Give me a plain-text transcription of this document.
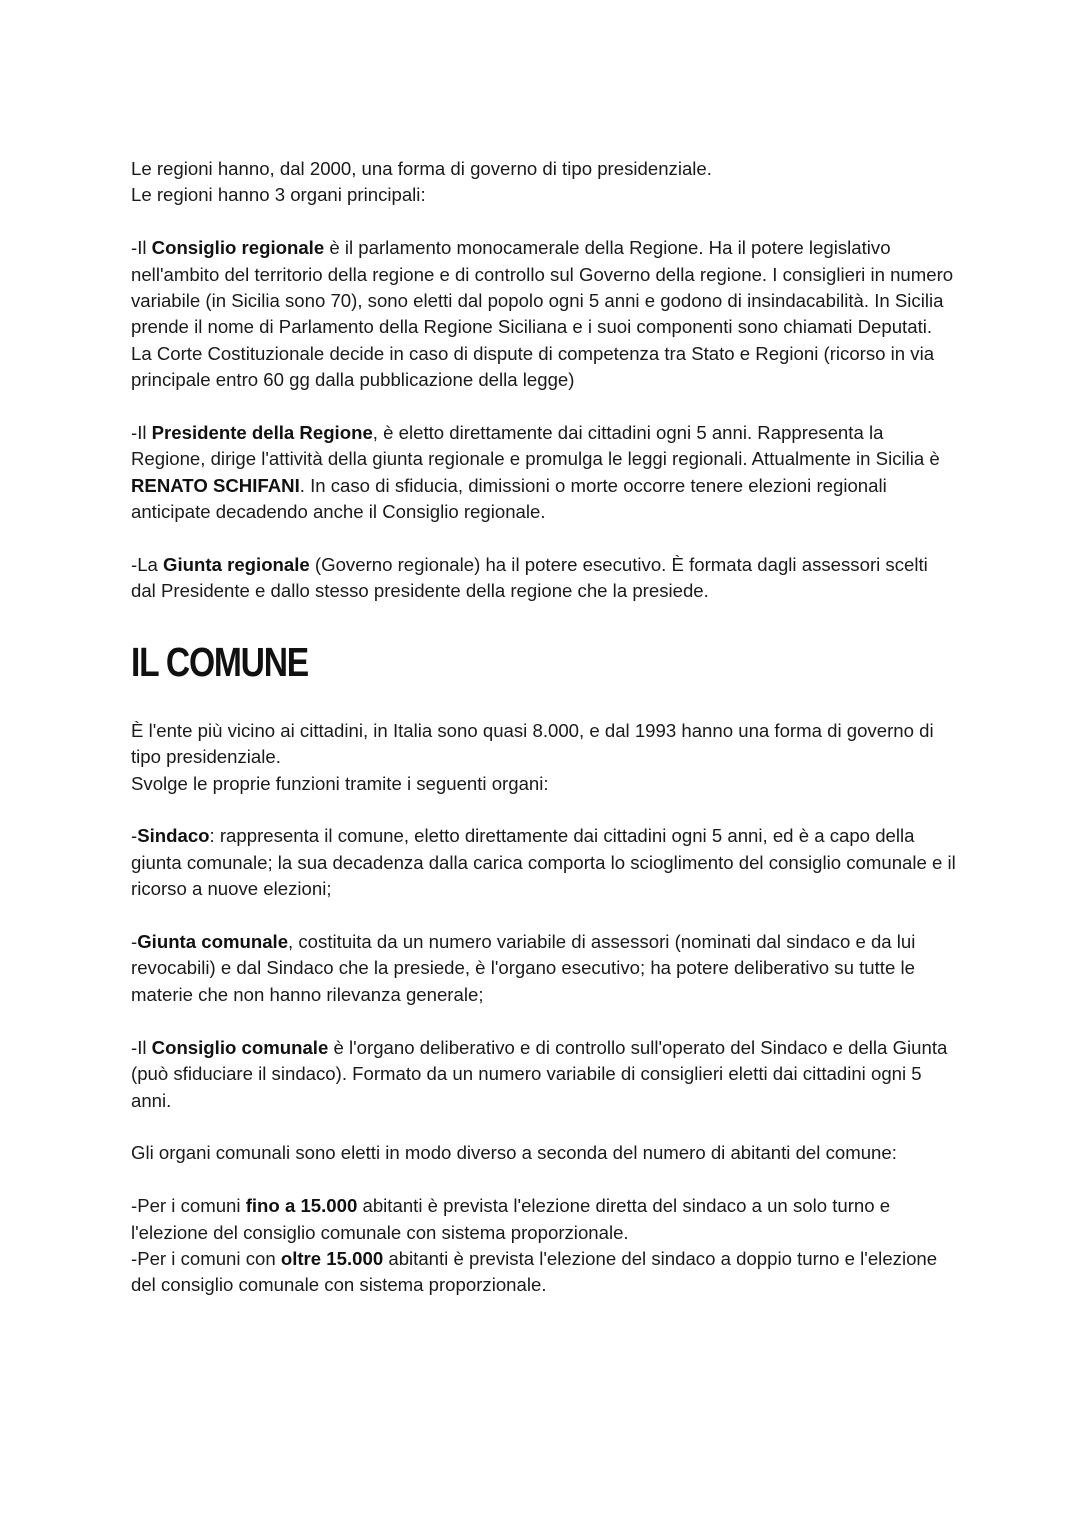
Le regioni hanno, dal 2000, una forma di governo di tipo presidenziale.

Le regioni hanno 3 organi principali:

-Il Consiglio regionale è il parlamento monocamerale della Regione. Ha il potere legislativo nell'ambito del territorio della regione e di controllo sul Governo della regione. I consiglieri in numero variabile (in Sicilia sono 70), sono eletti dal popolo ogni 5 anni e godono di insindacabilità. In Sicilia prende il nome di Parlamento della Regione Siciliana e i suoi componenti sono chiamati Deputati. La Corte Costituzionale decide in caso di dispute di competenza tra Stato e Regioni (ricorso in via principale entro 60 gg dalla pubblicazione della legge)

-Il Presidente della Regione, è eletto direttamente dai cittadini ogni 5 anni. Rappresenta la Regione, dirige l'attività della giunta regionale e promulga le leggi regionali. Attualmente in Sicilia è RENATO SCHIFANI. In caso di sfiducia, dimissioni o morte occorre tenere elezioni regionali anticipate decadendo anche il Consiglio regionale.

-La Giunta regionale (Governo regionale) ha il potere esecutivo. È formata dagli assessori scelti dal Presidente e dallo stesso presidente della regione che la presiede.

IL COMUNE

È l'ente più vicino ai cittadini, in Italia sono quasi 8.000, e dal 1993 hanno una forma di governo di tipo presidenziale.

Svolge le proprie funzioni tramite i seguenti organi:

-Sindaco: rappresenta il comune, eletto direttamente dai cittadini ogni 5 anni, ed è a capo della giunta comunale; la sua decadenza dalla carica comporta lo scioglimento del consiglio comunale e il ricorso a nuove elezioni;

-Giunta comunale, costituita da un numero variabile di assessori (nominati dal sindaco e da lui revocabili) e dal Sindaco che la presiede, è l'organo esecutivo; ha potere deliberativo su tutte le materie che non hanno rilevanza generale;

-Il Consiglio comunale è l'organo deliberativo e di controllo sull'operato del Sindaco e della Giunta (può sfiduciare il sindaco). Formato da un numero variabile di consiglieri eletti dai cittadini ogni 5 anni.

Gli organi comunali sono eletti in modo diverso a seconda del numero di abitanti del comune:

-Per i comuni fino a 15.000 abitanti è prevista l'elezione diretta del sindaco a un solo turno e l'elezione del consiglio comunale con sistema proporzionale.

-Per i comuni con oltre 15.000 abitanti è prevista l'elezione del sindaco a doppio turno e l'elezione del consiglio comunale con sistema proporzionale.
